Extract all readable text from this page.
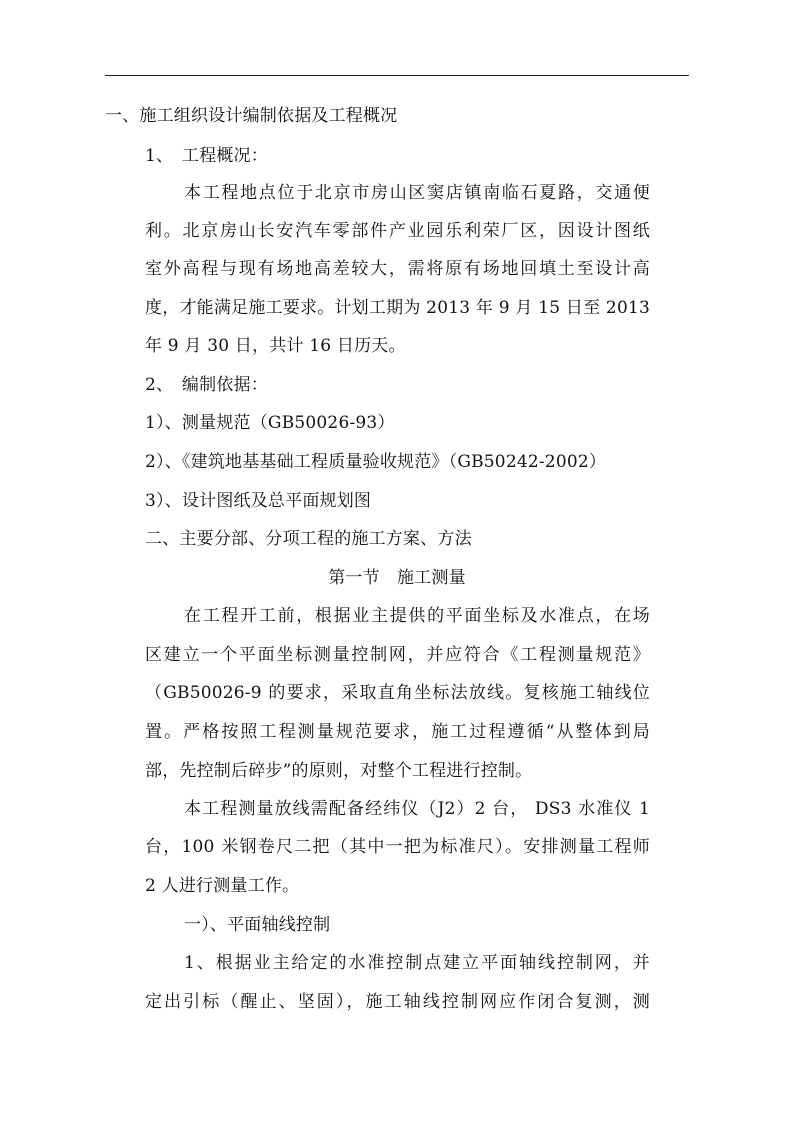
一、施工组织设计编制依据及工程概况
1、　工程概况：
本工程地点位于北京市房山区窦店镇南临石夏路，交通便
利。北京房山长安汽车零部件产业园乐利荣厂区，因设计图纸
室外高程与现有场地高差较大，需将原有场地回填土至设计高
度，才能满足施工要求。计划工期为 2013 年 9 月 15 日至 2013
年 9 月 30 日，共计 16 日历天。
2、　编制依据：
1）、测量规范（GB50026-93）
2）、《建筑地基基础工程质量验收规范》（GB50242-2002）
3）、设计图纸及总平面规划图
二、主要分部、分项工程的施工方案、方法
第一节　施工测量
在工程开工前，根据业主提供的平面坐标及水准点，在场
区建立一个平面坐标测量控制网，并应符合《工程测量规范》
（GB50026-9 的要求，采取直角坐标法放线。复核施工轴线位
置。严格按照工程测量规范要求，施工过程遵循“从整体到局
部，先控制后碎步”的原则，对整个工程进行控制。
本工程测量放线需配备经纬仪（J2）2 台， DS3 水准仪 1
台，100 米钢卷尺二把（其中一把为标准尺）。安排测量工程师
2 人进行测量工作。
一）、平面轴线控制
1、根据业主给定的水准控制点建立平面轴线控制网，并
定出引标（醒止、坚固），施工轴线控制网应作闭合复测，测
